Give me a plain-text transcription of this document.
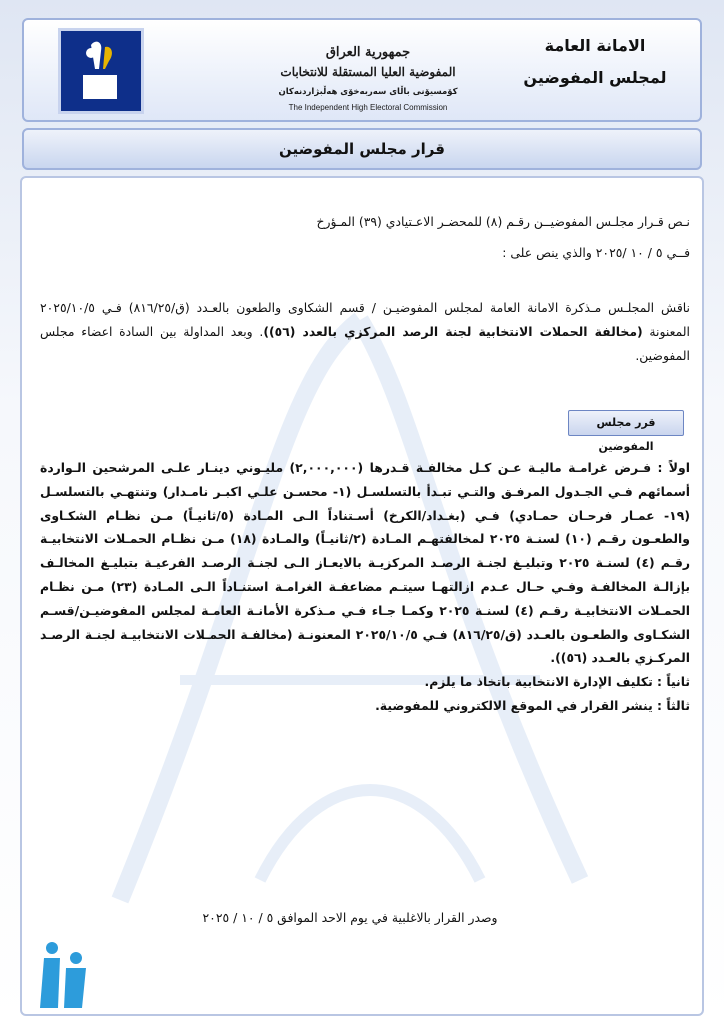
جمهورية العراق
المفوضية العليا المستقلة للانتخابات
كۆمسیۆنی باڵای سەربەخۆی هەڵبژاردنەکان
The Independent High Electoral Commission
الامانة العامة
لمجلس المفوضين
قرار مجلس المفوضين
نـص قـرار مجلـس المفوضيــن رقـم (٨) للمحضـر الاعـتيادي (٣٩) المـؤرخ
فــي ٥ / ١٠ /٢٠٢٥ والذي ينص على :
ناقش المجلـس مـذكرة الامانة العامة لمجلس المفوضيـن / قسم الشكاوى والطعون بالعـدد (ق/٨١٦/٢٥) فـي ٢٠٢٥/١٠/٥ المعنونة (مخالفة الحملات الانتخابية لجنة الرصد المركزي بالعدد (٥٦)). وبعد المداولة بين السادة اعضاء مجلس المفوضين.
قرر مجلس المفوضين
اولاً : فـرض غرامـة ماليـة عـن كـل مخالفـة قـدرها (٢,٠٠٠,٠٠٠) مليـوني دينـار علـى المرشحين الـواردة أسمائهم فـي الجـدول المرفـق والتـي تبـدأ بالتسلسـل (١- محسـن علـي اكبـر نامـدار) وتنتهـي بالتسلسـل (١٩- عمـار فرحـان حمـادي) فـي (بغـداد/الكرخ) أسـتناداً الـى المـادة (٥/ثانيـاً) مـن نظـام الشكـاوى والطعـون رقـم (١٠) لسنـة ٢٠٢٥ لمخالفتهـم المـادة (٢/ثانيـاً) والمـادة (١٨) مـن نظـام الحمـلات الانتخابيـة رقـم (٤) لسنـة ٢٠٢٥ وتبليـغ لجنـة الرصـد المركزيـة بالايعـاز الـى لجنـة الرصـد الفرعيـة بتبليـغ المخالـف بإزالـة المخالفـة وفـي حـال عـدم ازالتهـا سيتـم مضاعفـة الغرامـة استنـاداً الـى المـادة (٢٣) مـن نظـام الحمـلات الانتخابيـة رقـم (٤) لسنـة ٢٠٢٥ وكمـا جـاء فـي مـذكرة الأمانـة العامـة لمجلس المفوضيـن/قسـم الشكـاوى والطعـون بالعـدد (ق/٨١٦/٢٥) فـي ٢٠٢٥/١٠/٥ المعنونـة (مخالفـة الحمـلات الانتخابيـة لجنـة الرصـد المركـزي بالعـدد (٥٦)).
ثانياً : تكليف الإدارة الانتخابية باتخاذ ما يلزم.
ثالثاً : ينشر القرار في الموقع الالكتروني للمفوضية.
وصدر القرار بالاغلبية في يوم الاحد الموافق ٥ / ١٠ / ٢٠٢٥
